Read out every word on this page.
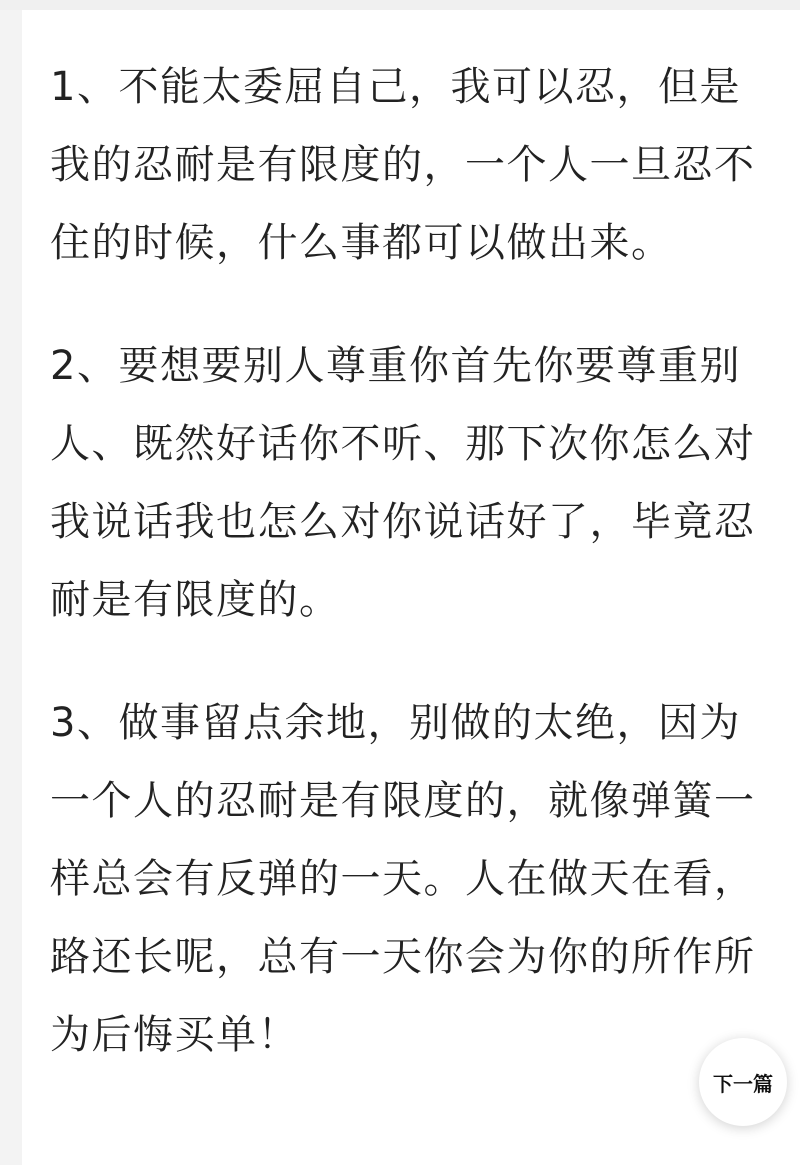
1、不能太委屈自己，我可以忍，但是我的忍耐是有限度的，一个人一旦忍不住的时候，什么事都可以做出来。

2、要想要别人尊重你首先你要尊重别人、既然好话你不听、那下次你怎么对我说话我也怎么对你说话好了，毕竟忍耐是有限度的。

3、做事留点余地，别做的太绝，因为一个人的忍耐是有限度的，就像弹簧一样总会有反弹的一天。人在做天在看，路还长呢，总有一天你会为你的所作所为后悔买单！

下一篇
